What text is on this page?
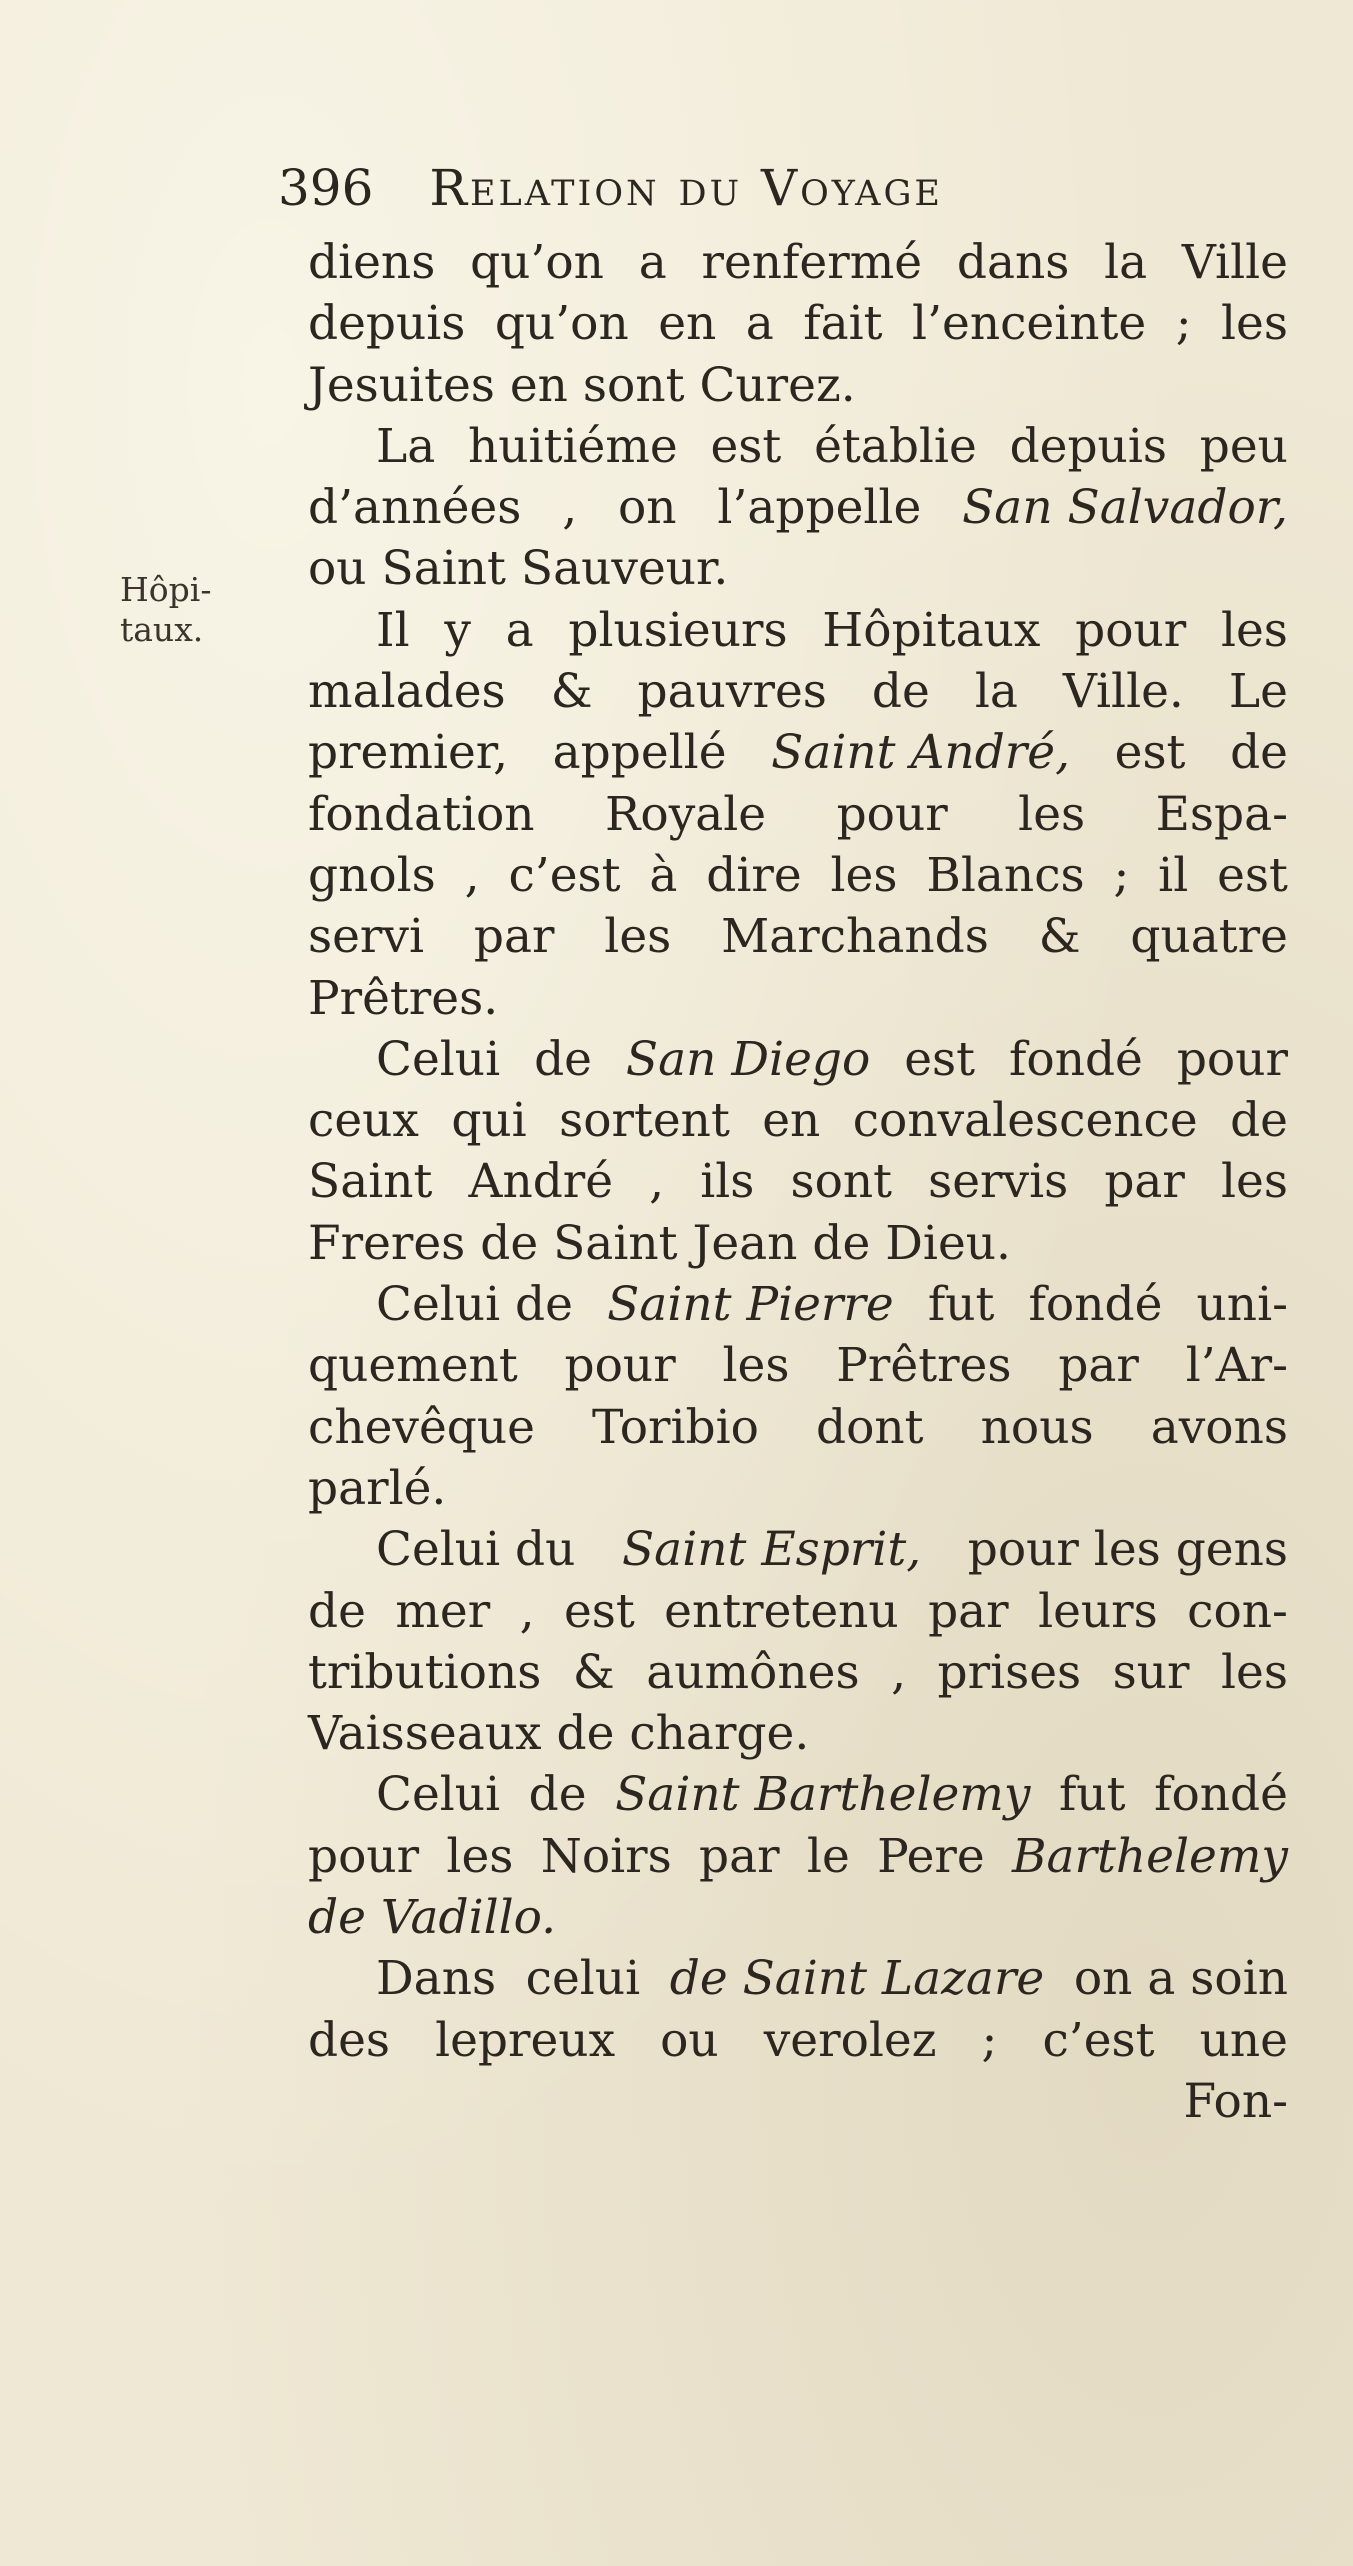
396 Relation du Voyage
Hôpi-
taux.
diens qu’on a renfermé dans la Ville
depuis qu’on en a fait l’enceinte ; les
Jesuites en sont Curez.
La huitiéme est établie depuis peu
d’années , on l’appelle San Salvador,
ou Saint Sauveur.
Il y a plusieurs Hôpitaux pour les
malades & pauvres de la Ville. Le
premier, appellé Saint André, est de
fondation Royale pour les Espa-
gnols , c’est à dire les Blancs ; il est
servi par les Marchands & quatre
Prêtres.
Celui de San Diego est fondé pour
ceux qui sortent en convalescence de
Saint André , ils sont servis par les
Freres de Saint Jean de Dieu.
Celui de Saint Pierre fut fondé uni-
quement pour les Prêtres par l’Ar-
chevêque Toribio dont nous avons
parlé.
Celui du Saint Esprit, pour les gens
de mer , est entretenu par leurs con-
tributions & aumônes , prises sur les
Vaisseaux de charge.
Celui de Saint Barthelemy fut fondé
pour les Noirs par le Pere Barthelemy
de Vadillo.
Dans celui de Saint Lazare on a soin
des lepreux ou verolez ; c’est une
Fon-
